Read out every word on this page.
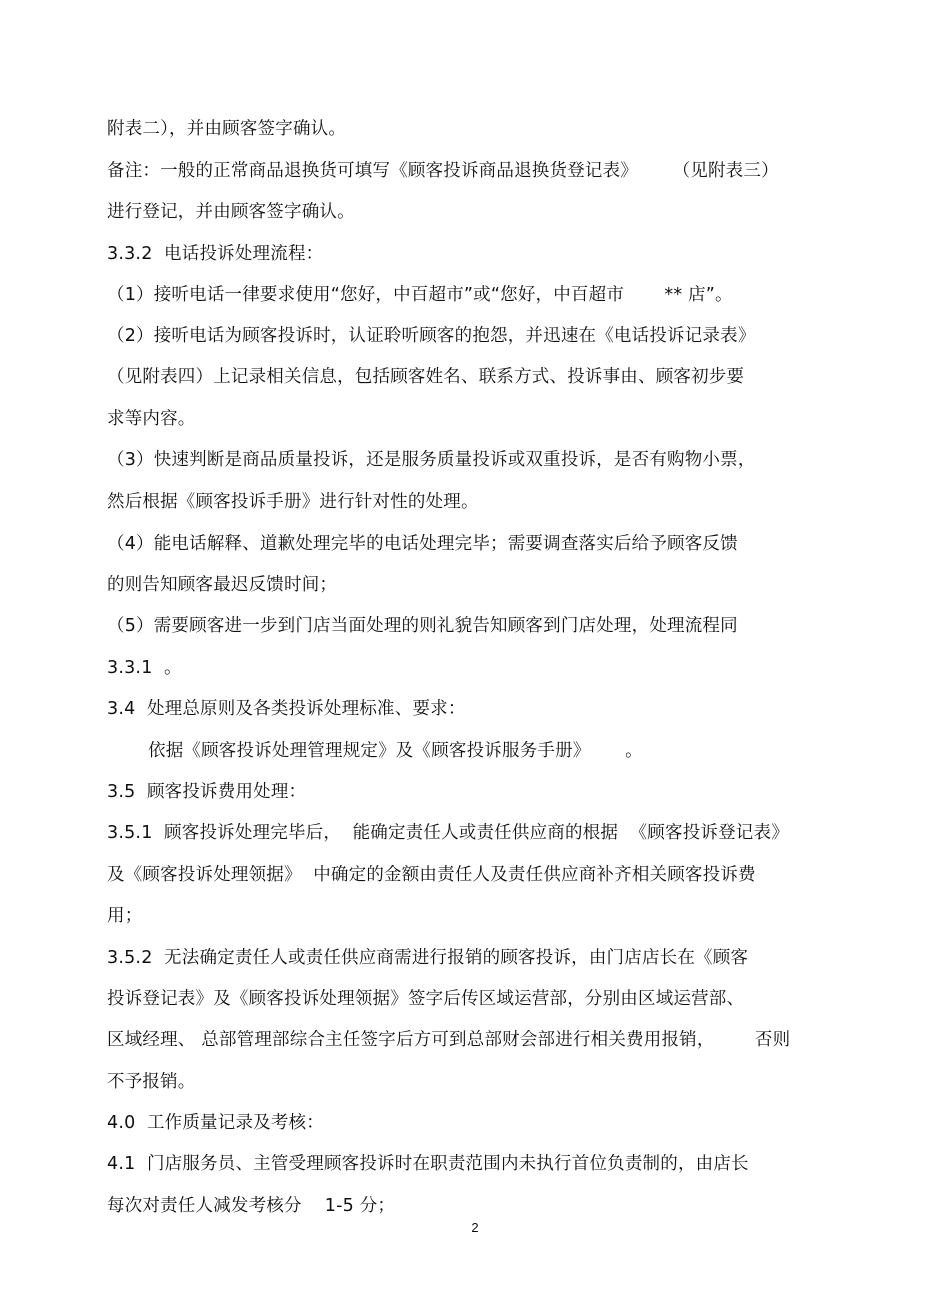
附表二），并由顾客签字确认。
备注：一般的正常商品退换货可填写《顾客投诉商品退换货登记表》      （见附表三）
进行登记，并由顾客签字确认。
3.3.2  电话投诉处理流程：
（1）接听电话一律要求使用“您好，中百超市”或“您好，中百超市       ** 店”。
（2）接听电话为顾客投诉时，认证聆听顾客的抱怨，并迅速在《电话投诉记录表》
（见附表四）上记录相关信息，包括顾客姓名、联系方式、投诉事由、顾客初步要
求等内容。
（3）快速判断是商品质量投诉，还是服务质量投诉或双重投诉，是否有购物小票，
然后根据《顾客投诉手册》进行针对性的处理。
（4）能电话解释、道歉处理完毕的电话处理完毕；需要调查落实后给予顾客反馈
的则告知顾客最迟反馈时间；
（5）需要顾客进一步到门店当面处理的则礼貌告知顾客到门店处理，处理流程同
3.3.1  。
3.4  处理总原则及各类投诉处理标准、要求：
依据《顾客投诉处理管理规定》及《顾客投诉服务手册》      。
3.5  顾客投诉费用处理：
3.5.1  顾客投诉处理完毕后，  能确定责任人或责任供应商的根据  《顾客投诉登记表》
及《顾客投诉处理领据》  中确定的金额由责任人及责任供应商补齐相关顾客投诉费
用；
3.5.2  无法确定责任人或责任供应商需进行报销的顾客投诉，由门店店长在《顾客
投诉登记表》及《顾客投诉处理领据》签字后传区域运营部，分别由区域运营部、
区域经理、 总部管理部综合主任签字后方可到总部财会部进行相关费用报销，       否则
不予报销。
4.0  工作质量记录及考核：
4.1  门店服务员、主管受理顾客投诉时在职责范围内未执行首位负责制的，由店长
每次对责任人减发考核分    1-5 分；
2
